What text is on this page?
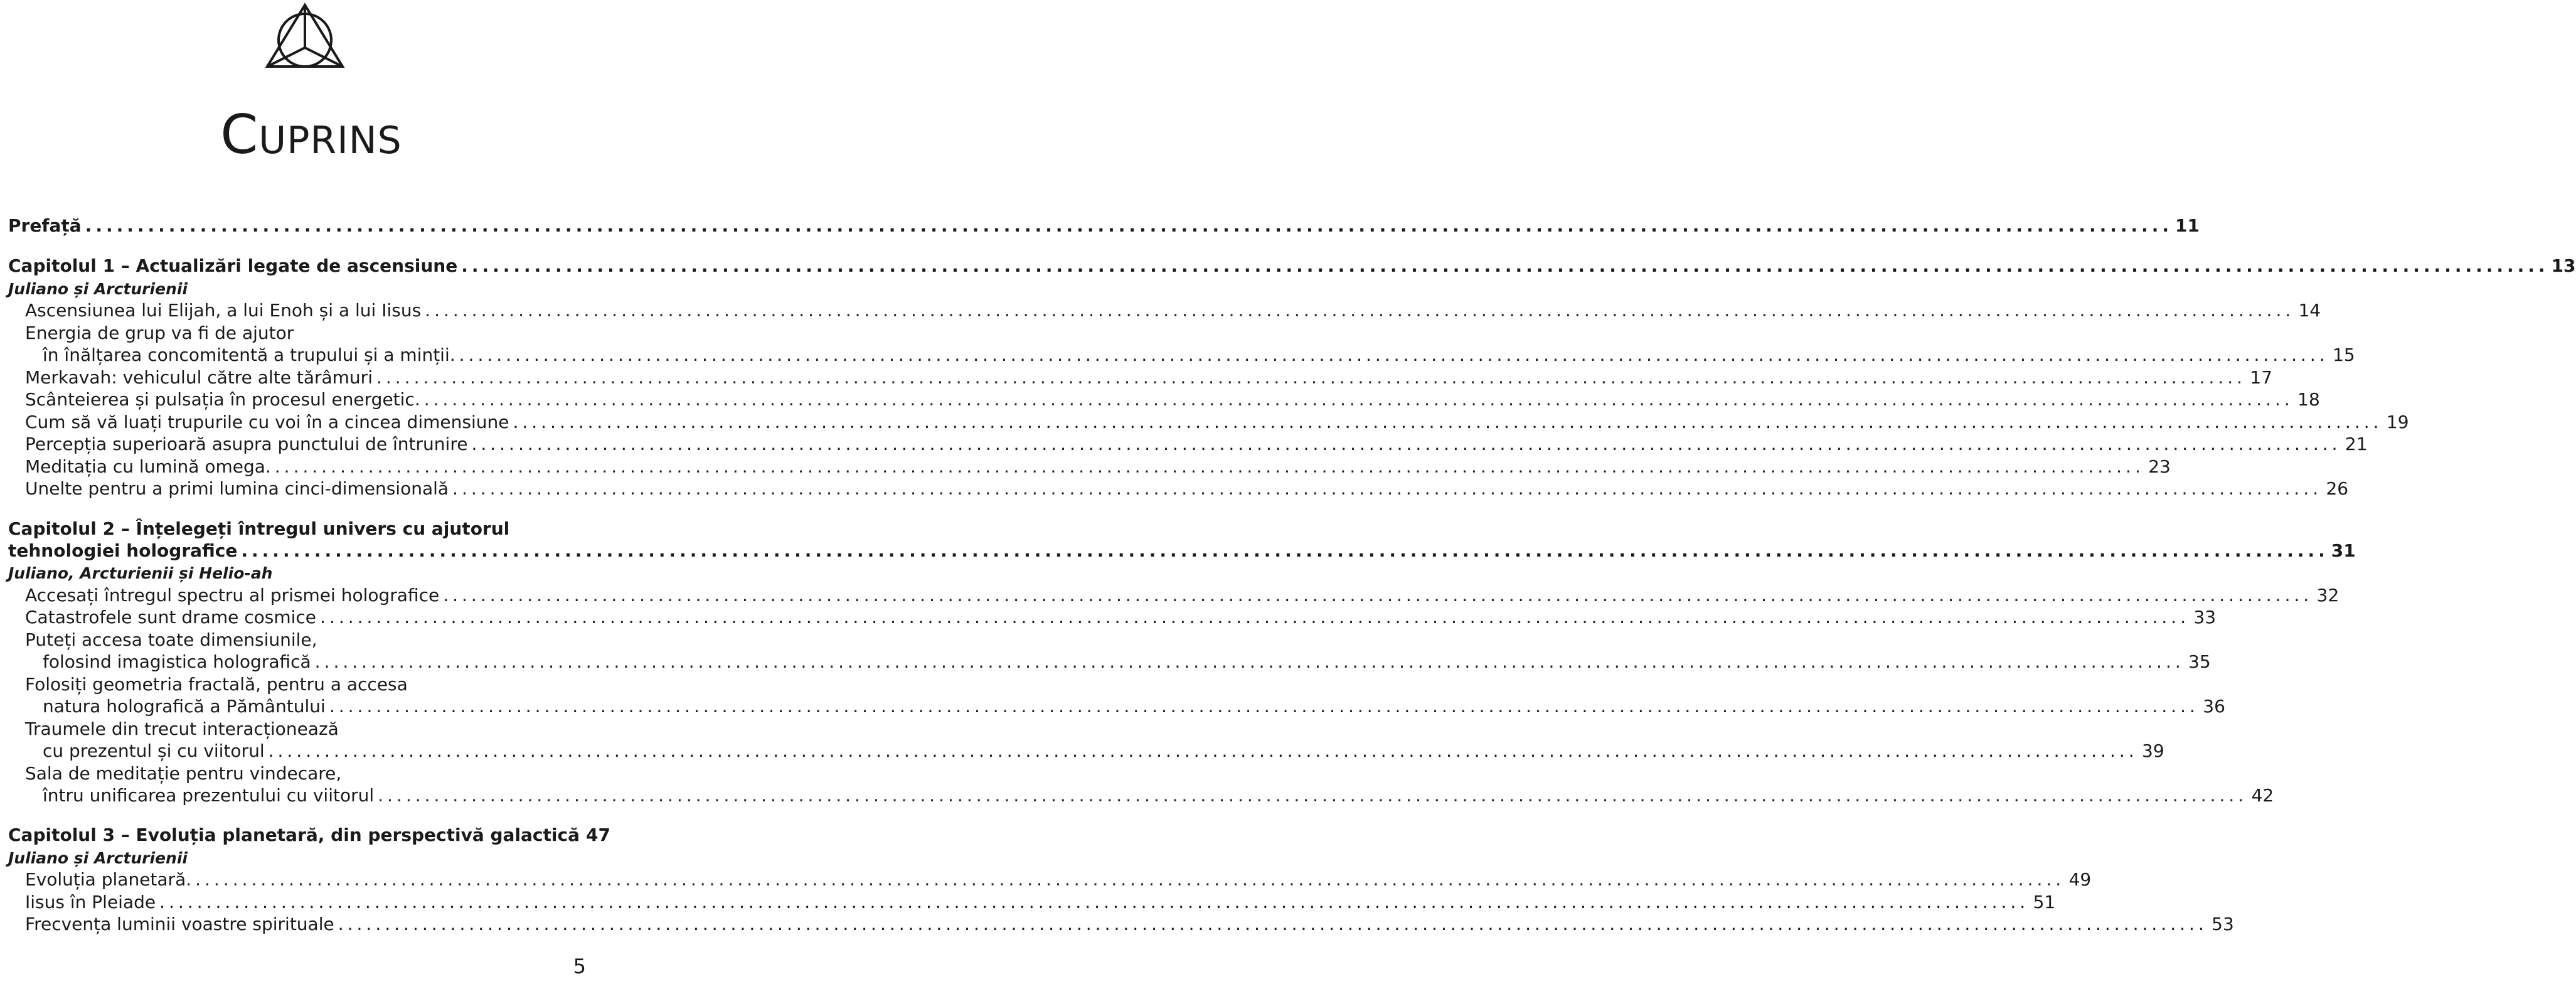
CUPRINS
Prefață ........................................................................................................................................................................................................ 11
Capitolul 1 – Actualizări legate de ascensiune ........................................................................................................................................................................................................ 13
Juliano și Arcturienii
Ascensiunea lui Elijah, a lui Enoh și a lui Iisus ........................................................................................................................................................................................................ 14
Energia de grup va fi de ajutor
în înălțarea concomitentă a trupului și a minții. ........................................................................................................................................................................................................ 15
Merkavah: vehiculul către alte tărâmuri ........................................................................................................................................................................................................ 17
Scânteierea și pulsația în procesul energetic. ........................................................................................................................................................................................................ 18
Cum să vă luați trupurile cu voi în a cincea dimensiune ........................................................................................................................................................................................................ 19
Percepția superioară asupra punctului de întrunire ........................................................................................................................................................................................................ 21
Meditația cu lumină omega. ........................................................................................................................................................................................................ 23
Unelte pentru a primi lumina cinci-dimensională ........................................................................................................................................................................................................ 26
Capitolul 2 – Înțelegeți întregul univers cu ajutorul
tehnologiei holografice ........................................................................................................................................................................................................ 31
Juliano, Arcturienii și Helio-ah
Accesați întregul spectru al prismei holografice ........................................................................................................................................................................................................ 32
Catastrofele sunt drame cosmice ........................................................................................................................................................................................................ 33
Puteți accesa toate dimensiunile,
folosind imagistica holografică ........................................................................................................................................................................................................ 35
Folosiți geometria fractală, pentru a accesa
natura holografică a Pământului ........................................................................................................................................................................................................ 36
Traumele din trecut interacționează
cu prezentul și cu viitorul ........................................................................................................................................................................................................ 39
Sala de meditație pentru vindecare,
întru unificarea prezentului cu viitorul ........................................................................................................................................................................................................ 42
Capitolul 3 – Evoluția planetară, din perspectivă galactică 47
Juliano și Arcturienii
Evoluția planetară. ........................................................................................................................................................................................................ 49
Iisus în Pleiade ........................................................................................................................................................................................................ 51
Frecvența luminii voastre spirituale ........................................................................................................................................................................................................ 53
5
